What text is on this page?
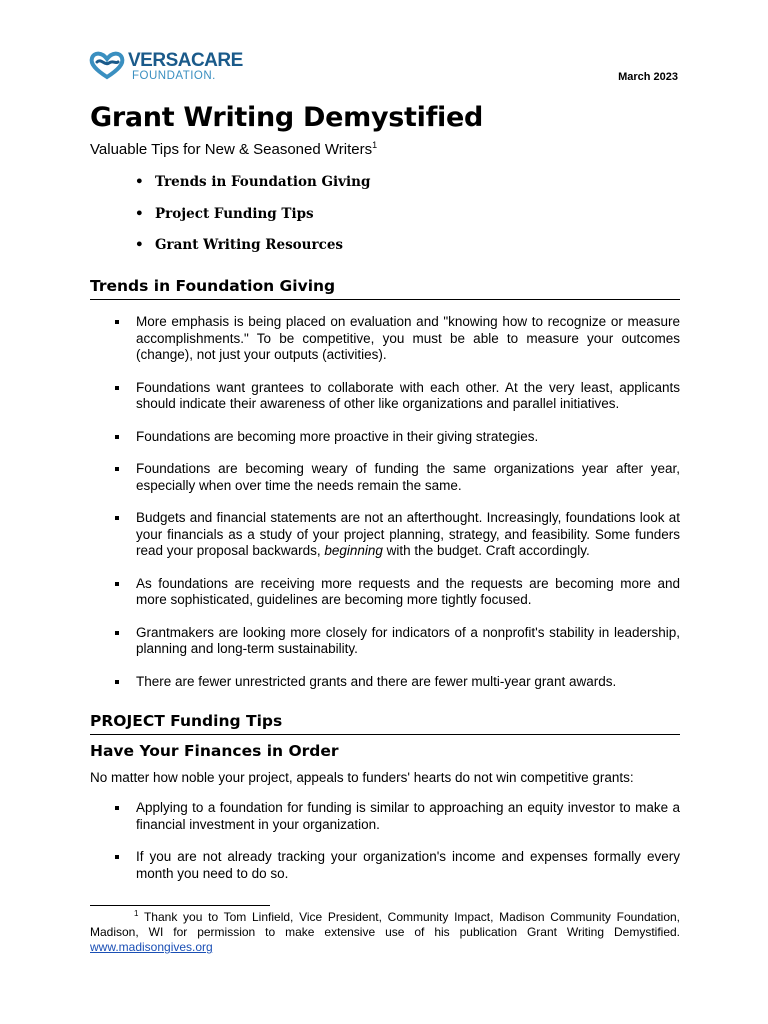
VERSACARE
FOUNDATION.	March 2023
Grant Writing Demystified
Valuable Tips for New & Seasoned Writers$^1$
• Trends in Foundation Giving
• Project Funding Tips
• Grant Writing Resources
Trends in Foundation Giving
More emphasis is being placed on evaluation and "knowing how to recognize or measure accomplishments." To be competitive, you must be able to measure your outcomes (change), not just your outputs (activities).
Foundations want grantees to collaborate with each other. At the very least, applicants should indicate their awareness of other like organizations and parallel initiatives.
Foundations are becoming more proactive in their giving strategies.
Foundations are becoming weary of funding the same organizations year after year, especially when over time the needs remain the same.
Budgets and financial statements are not an afterthought. Increasingly, foundations look at your financials as a study of your project planning, strategy, and feasibility. Some funders read your proposal backwards, beginning with the budget. Craft accordingly.
As foundations are receiving more requests and the requests are becoming more and more sophisticated, guidelines are becoming more tightly focused.
Grantmakers are looking more closely for indicators of a nonprofit's stability in leadership, planning and long-term sustainability.
There are fewer unrestricted grants and there are fewer multi-year grant awards.
PROJECT Funding Tips
Have Your Finances in Order
No matter how noble your project, appeals to funders' hearts do not win competitive grants:
Applying to a foundation for funding is similar to approaching an equity investor to make a financial investment in your organization.
If you are not already tracking your organization's income and expenses formally every month you need to do so.
$^1$ Thank you to Tom Linfield, Vice President, Community Impact, Madison Community Foundation, Madison, WI for permission to make extensive use of his publication Grant Writing Demystified. www.madisongives.org
